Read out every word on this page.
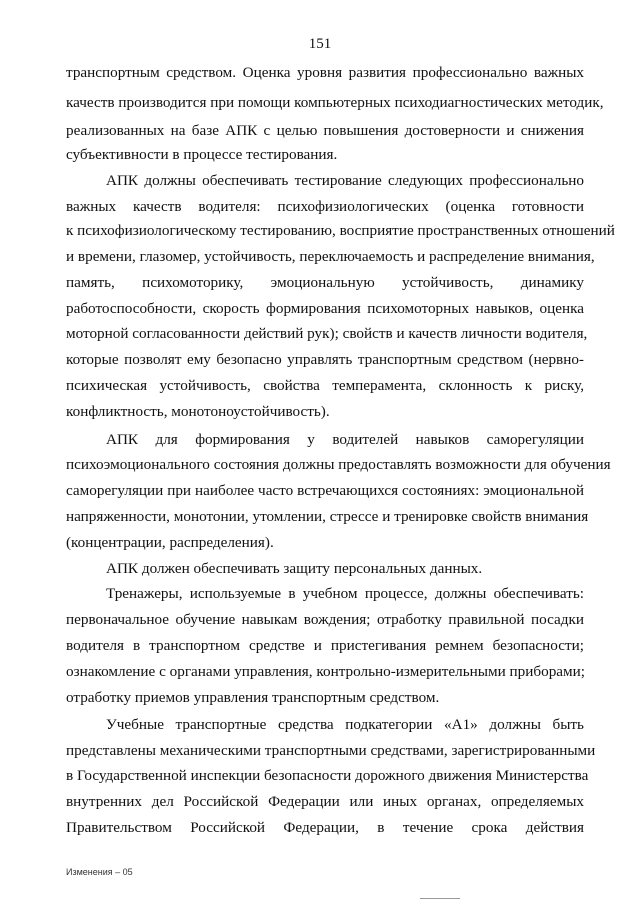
151
транспортным средством. Оценка уровня развития профессионально важных
качеств производится при помощи компьютерных психодиагностических методик,
реализованных на базе АПК с целью повышения достоверности и снижения
субъективности в процессе тестирования.
АПК должны обеспечивать тестирование следующих профессионально
важных качеств водителя: психофизиологических (оценка готовности
к психофизиологическому тестированию, восприятие пространственных отношений
и времени, глазомер, устойчивость, переключаемость и распределение внимания,
память, психомоторику, эмоциональную устойчивость, динамику
работоспособности, скорость формирования психомоторных навыков, оценка
моторной согласованности действий рук); свойств и качеств личности водителя,
которые позволят ему безопасно управлять транспортным средством (нервно-
психическая устойчивость, свойства темперамента, склонность к риску,
конфликтность, монотоноустойчивость).
АПК для формирования у водителей навыков саморегуляции
психоэмоционального состояния должны предоставлять возможности для обучения
саморегуляции при наиболее часто встречающихся состояниях: эмоциональной
напряженности, монотонии, утомлении, стрессе и тренировке свойств внимания
(концентрации, распределения).
АПК должен обеспечивать защиту персональных данных.
Тренажеры, используемые в учебном процессе, должны обеспечивать:
первоначальное обучение навыкам вождения; отработку правильной посадки
водителя в транспортном средстве и пристегивания ремнем безопасности;
ознакомление с органами управления, контрольно-измерительными приборами;
отработку приемов управления транспортным средством.
Учебные транспортные средства подкатегории «А1» должны быть
представлены механическими транспортными средствами, зарегистрированными
в Государственной инспекции безопасности дорожного движения Министерства
внутренних дел Российской Федерации или иных органах, определяемых
Правительством Российской Федерации, в течение срока действия
Изменения – 05
